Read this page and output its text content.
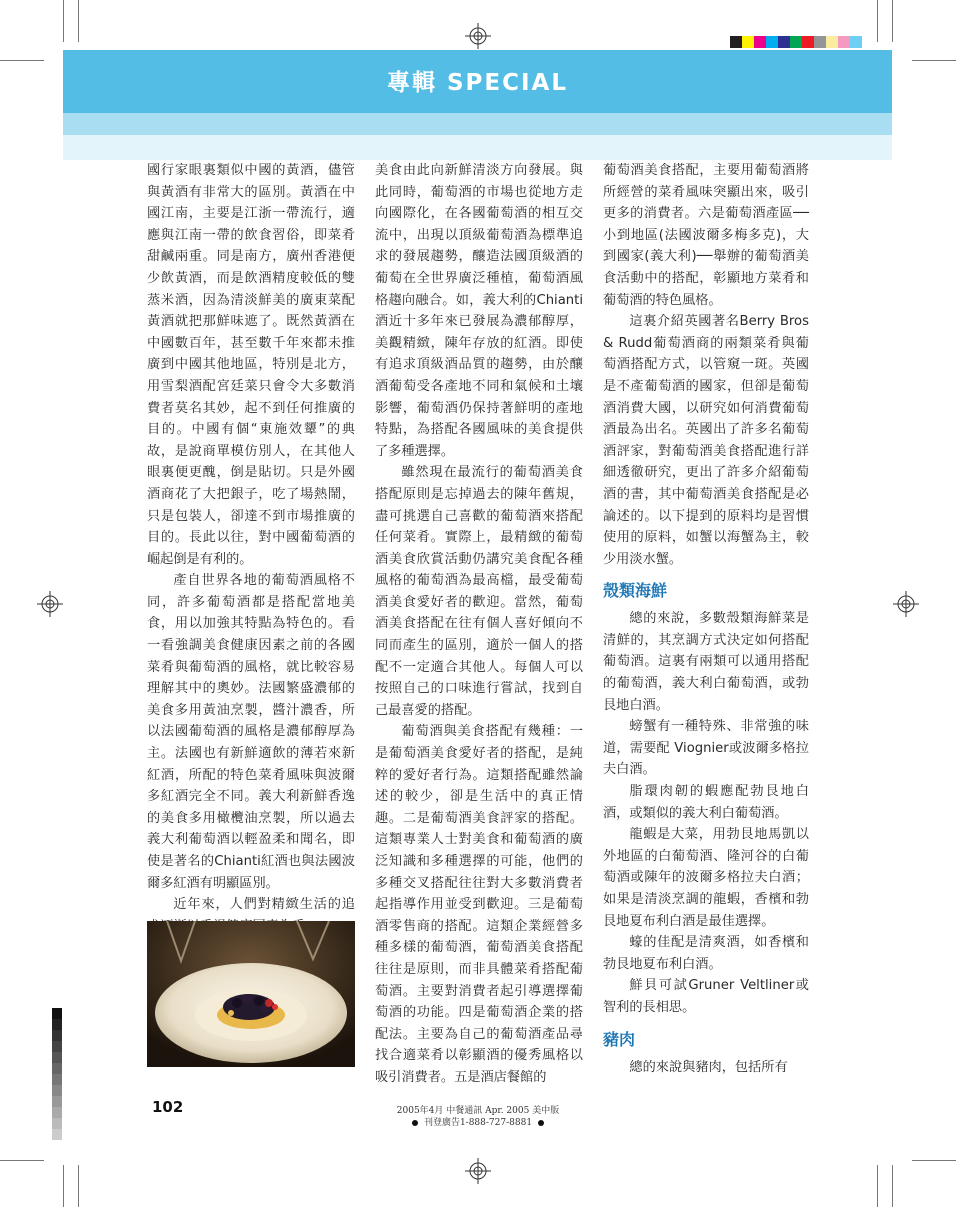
專輯 SPECIAL

國行家眼裏類似中國的黃酒，儘管與黃酒有非常大的區別。黃酒在中國江南，主要是江浙一帶流行，適應與江南一帶的飲食習俗，即菜肴甜鹹兩重。同是南方，廣州香港便少飲黃酒，而是飲酒精度較低的雙蒸米酒，因為清淡鮮美的廣東菜配黃酒就把那鮮味遮了。既然黃酒在中國數百年，甚至數千年來都未推廣到中國其他地區，特別是北方，用雪梨酒配宮廷菜只會令大多數消費者莫名其妙，起不到任何推廣的目的。中國有個“東施效顰”的典故，是說商單模仿別人，在其他人眼裏便更醜，倒是貼切。只是外國酒商花了大把銀子，吃了場熱鬧，只是包裝人，卻達不到市場推廣的目的。長此以往，對中國葡萄酒的崛起倒是有利的。

產自世界各地的葡萄酒風格不同，許多葡萄酒都是搭配當地美食，用以加強其特點為特色的。看一看強調美食健康因素之前的各國菜肴與葡萄酒的風格，就比較容易理解其中的奧妙。法國繁盛濃郁的美食多用黃油烹製，醬汁濃香，所以法國葡萄酒的風格是濃郁醇厚為主。法國也有新鮮適飲的薄若來新紅酒，所配的特色菜肴風味與波爾多紅酒完全不同。義大利新鮮香逸的美食多用橄欖油烹製，所以過去義大利葡萄酒以輕盈柔和聞名，即使是著名的Chianti紅酒也與法國波爾多紅酒有明顯區別。

近年來，人們對精緻生活的追

美食由此向新鮮清淡方向發展。與此同時，葡萄酒的市場也從地方走向國際化，在各國葡萄酒的相互交流中，出現以頂級葡萄酒為標準追求的發展趨勢，釀造法國頂級酒的葡萄在全世界廣泛種植，葡萄酒風格趨向融合。如，義大利的Chianti酒近十多年來已發展為濃郁醇厚，美觀精緻，陳年存放的紅酒。即使有追求頂級酒品質的趨勢，由於釀酒葡萄受各產地不同和氣候和土壤影響，葡萄酒仍保持著鮮明的產地特點，為搭配各國風味的美食提供了多種選擇。

雖然現在最流行的葡萄酒美食搭配原則是忘掉過去的陳年舊規，盡可挑選自己喜歡的葡萄酒來搭配任何菜肴。實際上，最精緻的葡萄酒美食欣賞活動仍講究美食配各種風格的葡萄酒為最高檔，最受葡萄酒美食愛好者的歡迎。當然，葡萄酒美食搭配在往有個人喜好傾向不同而產生的區別，適於一個人的搭配不一定適合其他人。每個人可以按照自己的口味進行嘗試，找到自己最喜愛的搭配。

葡萄酒與美食搭配有幾種：一是葡萄酒美食愛好者的搭配，是純粹的愛好者行為。這類搭配雖然論述的較少，卻是生活中的真正情趣。二是葡萄酒美食評家的搭配。這類專業人士對美食和葡萄酒的廣泛知識和多種選擇的可能，他們的多種交叉搭配往往對大多數消費者起指導作用並受到歡迎。三是葡萄酒零售商的搭配。這類企業經營多種多樣的葡萄酒，葡萄酒美食搭配往往是原則，而非具體菜肴搭配葡萄酒。主要對消費者起引導選擇葡萄酒的功能。四是葡萄酒企業的搭配法。主要為自己的葡萄酒產品尋找合適菜肴以彰顯酒的優秀風格以吸引消費者。五是酒店餐館的

葡萄酒美食搭配，主要用葡萄酒將所經營的菜肴風味突顯出來，吸引更多的消費者。六是葡萄酒產區──小到地區(法國波爾多梅多克)，大到國家(義大利)──舉辦的葡萄酒美食活動中的搭配，彰顯地方菜肴和葡萄酒的特色風格。

這裏介紹英國著名Berry Bros & Rudd葡萄酒商的兩類菜肴與葡萄酒搭配方式，以管窺一斑。英國是不產葡萄酒的國家，但卻是葡萄酒消費大國，以研究如何消費葡萄酒最為出名。英國出了許多名葡萄酒評家，對葡萄酒美食搭配進行詳細透徹研究，更出了許多介紹葡萄酒的書，其中葡萄酒美食搭配是必論述的。以下提到的原料均是習慣使用的原料，如蟹以海蟹為主，較少用淡水蟹。

殼類海鮮

總的來說，多數殼類海鮮菜是清鮮的，其烹調方式決定如何搭配葡萄酒。這裏有兩類可以通用搭配的葡萄酒，義大利白葡萄酒，或勃艮地白酒。

螃蟹有一種特殊、非常強的味道，需要配 Viognier或波爾多格拉夫白酒。

脂環肉韌的蝦應配勃艮地白酒，或類似的義大利白葡萄酒。

龍蝦是大菜，用勃艮地馬凱以外地區的白葡萄酒、隆河谷的白葡萄酒或陳年的波爾多格拉夫白酒；如果是清淡烹調的龍蝦，香檳和勃艮地夏布利白酒是最佳選擇。

蠔的佳配是清爽酒，如香檳和勃艮地夏布利白酒。

鮮貝可試Gruner Veltliner或智利的長相思。

豬肉

總的來說與豬肉，包括所有

102	2005年4月 中餐通訊 Apr. 2005 美中版
刊登廣告1-888-727-8881
